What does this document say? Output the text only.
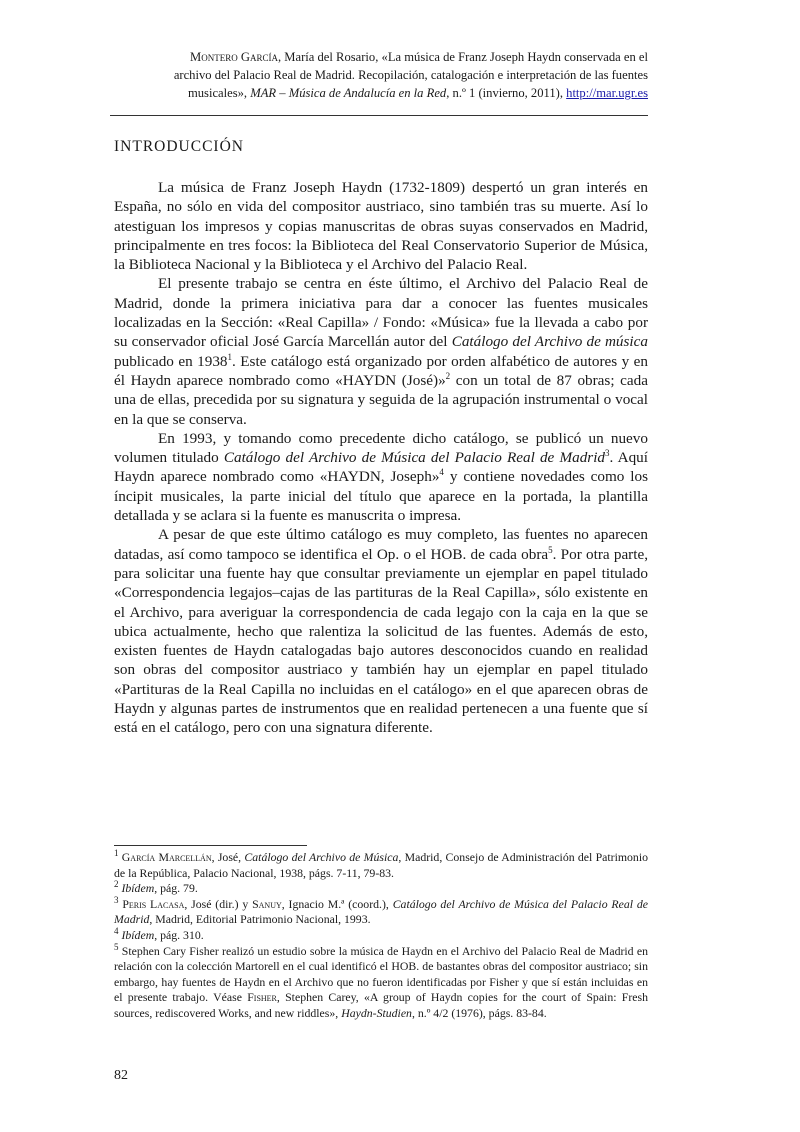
Montero García, María del Rosario, «La música de Franz Joseph Haydn conservada en el
archivo del Palacio Real de Madrid. Recopilación, catalogación e interpretación de las fuentes
musicales», MAR – Música de Andalucía en la Red, n.º 1 (invierno, 2011), http://mar.ugr.es
INTRODUCCIÓN

La música de Franz Joseph Haydn (1732-1809) despertó un gran interés en España, no sólo en vida del compositor austriaco, sino también tras su muerte. Así lo atestiguan los impresos y copias manuscritas de obras suyas conservados en Madrid, principalmente en tres focos: la Biblioteca del Real Conservatorio Superior de Música, la Biblioteca Nacional y la Biblioteca y el Archivo del Palacio Real.

El presente trabajo se centra en éste último, el Archivo del Palacio Real de Madrid, donde la primera iniciativa para dar a conocer las fuentes musicales localizadas en la Sección: «Real Capilla» / Fondo: «Música» fue la llevada a cabo por su conservador oficial José García Marcellán autor del Catálogo del Archivo de música publicado en 1938$^1$. Este catálogo está organizado por orden alfabético de autores y en él Haydn aparece nombrado como «HAYDN (José)»$^2$ con un total de 87 obras; cada una de ellas, precedida por su signatura y seguida de la agrupación instrumental o vocal en la que se conserva.

En 1993, y tomando como precedente dicho catálogo, se publicó un nuevo volumen titulado Catálogo del Archivo de Música del Palacio Real de Madrid$^3$. Aquí Haydn aparece nombrado como «HAYDN, Joseph»$^4$ y contiene novedades como los íncipit musicales, la parte inicial del título que aparece en la portada, la plantilla detallada y se aclara si la fuente es manuscrita o impresa.

A pesar de que este último catálogo es muy completo, las fuentes no aparecen datadas, así como tampoco se identifica el Op. o el HOB. de cada obra$^5$. Por otra parte, para solicitar una fuente hay que consultar previamente un ejemplar en papel titulado «Correspondencia legajos–cajas de las partituras de la Real Capilla», sólo existente en el Archivo, para averiguar la correspondencia de cada legajo con la caja en la que se ubica actualmente, hecho que ralentiza la solicitud de las fuentes. Además de esto, existen fuentes de Haydn catalogadas bajo autores desconocidos cuando en realidad son obras del compositor austriaco y también hay un ejemplar en papel titulado «Partituras de la Real Capilla no incluidas en el catálogo» en el que aparecen obras de Haydn y algunas partes de instrumentos que en realidad pertenecen a una fuente que sí está en el catálogo, pero con una signatura diferente.

$^1$ García Marcellán, José, Catálogo del Archivo de Música, Madrid, Consejo de Administración del Patrimonio de la República, Palacio Nacional, 1938, págs. 7-11, 79-83.
$^2$ Ibídem, pág. 79.
$^3$ Peris Lacasa, José (dir.) y Sanuy, Ignacio M.ª (coord.), Catálogo del Archivo de Música del Palacio Real de Madrid, Madrid, Editorial Patrimonio Nacional, 1993.
$^4$ Ibídem, pág. 310.
$^5$ Stephen Cary Fisher realizó un estudio sobre la música de Haydn en el Archivo del Palacio Real de Madrid en relación con la colección Martorell en el cual identificó el HOB. de bastantes obras del compositor austriaco; sin embargo, hay fuentes de Haydn en el Archivo que no fueron identificadas por Fisher y que sí están incluidas en el presente trabajo. Véase Fisher, Stephen Carey, «A group of Haydn copies for the court of Spain: Fresh sources, rediscovered Works, and new riddles», Haydn-Studien, n.º 4/2 (1976), págs. 83-84.
82
